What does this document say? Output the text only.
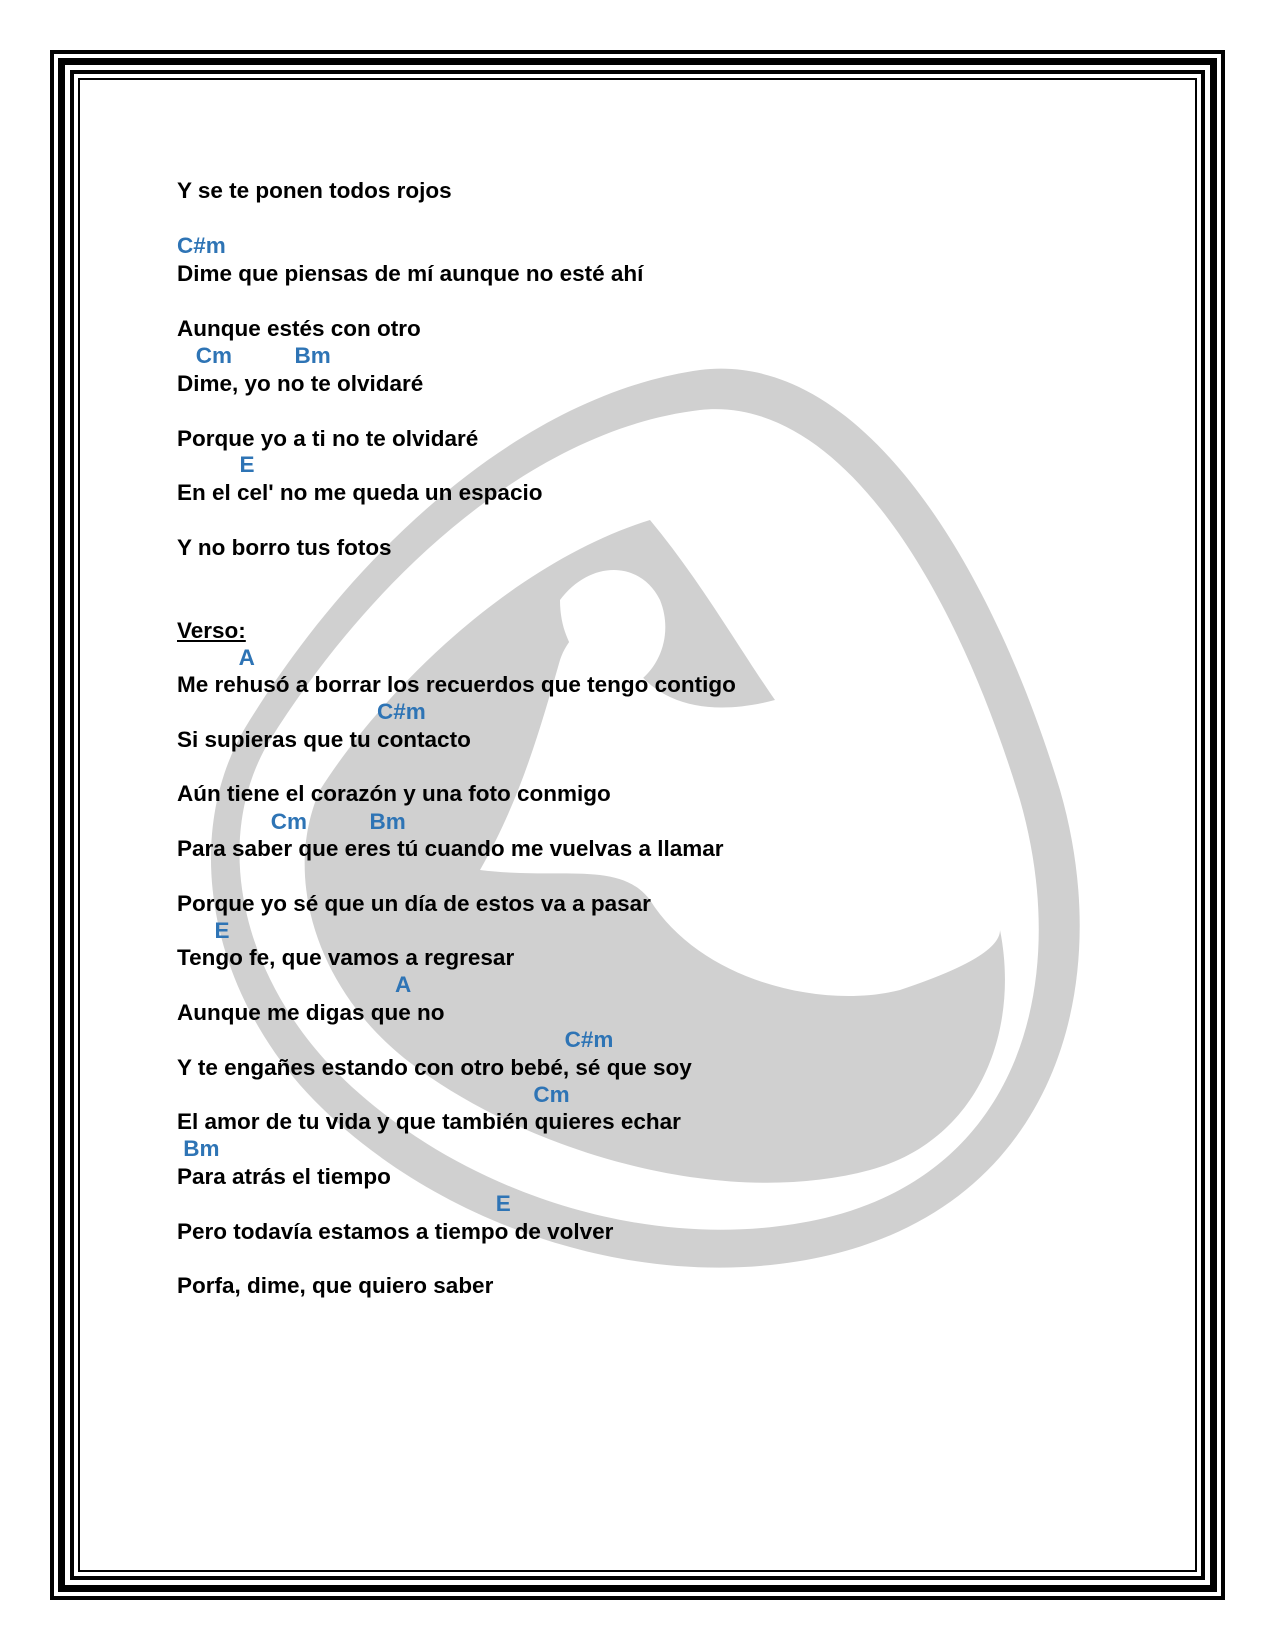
Y se te ponen todos rojos

C#m

Dime que piensas de mí aunque no esté ahí

Aunque estés con otro

Cm          Bm

Dime, yo no te olvidaré

Porque yo a ti no te olvidaré

E

En el cel' no me queda un espacio

Y no borro tus fotos

Verso:

A

Me rehusó a borrar los recuerdos que tengo contigo

C#m

Si supieras que tu contacto

Aún tiene el corazón y una foto conmigo

Cm          Bm

Para saber que eres tú cuando me vuelvas a llamar

Porque yo sé que un día de estos va a pasar

E

Tengo fe, que vamos a regresar

A

Aunque me digas que no

C#m

Y te engañes estando con otro bebé, sé que soy

Cm

El amor de tu vida y que también quieres echar

Bm

Para atrás el tiempo

E

Pero todavía estamos a tiempo de volver

Porfa, dime, que quiero saber
